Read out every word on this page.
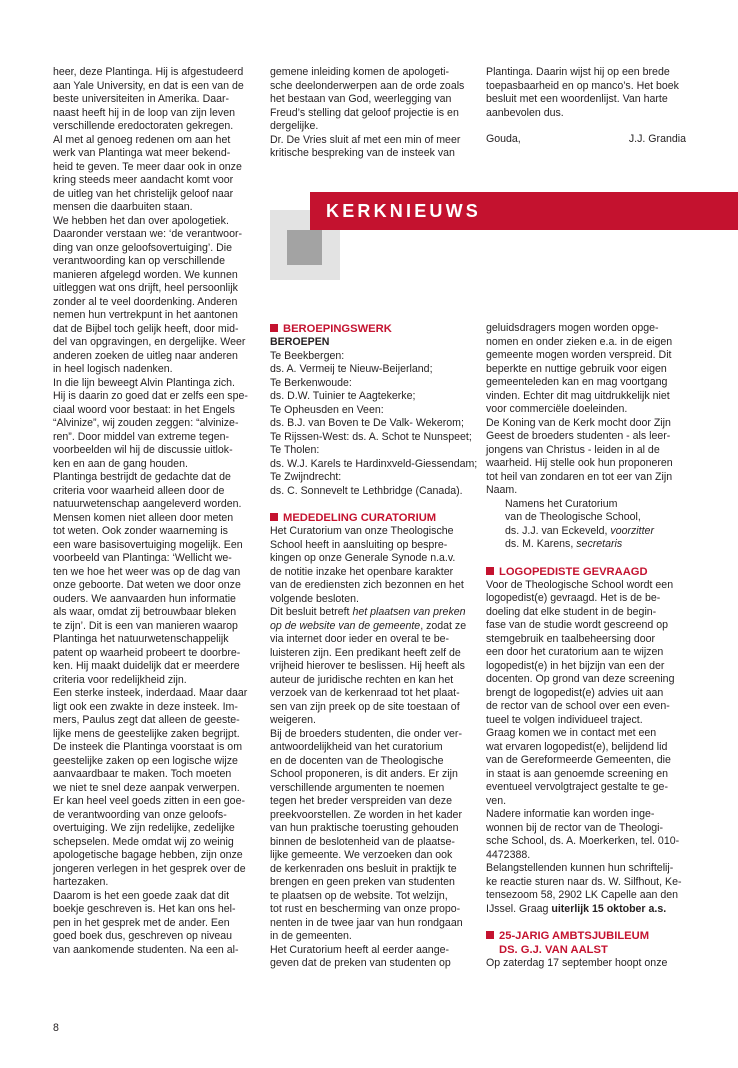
heer, deze Plantinga. Hij is afgestudeerd

aan Yale University, en dat is een van de

beste universiteiten in Amerika. Daar-

naast heeft hij in de loop van zijn leven

verschillende eredoctoraten gekregen.

Al met al genoeg redenen om aan het

werk van Plantinga wat meer bekend-

heid te geven. Te meer daar ook in onze

kring steeds meer aandacht komt voor

de uitleg van het christelijk geloof naar

mensen die daarbuiten staan.

We hebben het dan over apologetiek.

Daaronder verstaan we: ‘de verantwoor-

ding van onze geloofsovertuiging’. Die

verantwoording kan op verschillende

manieren afgelegd worden. We kunnen

uitleggen wat ons drijft, heel persoonlijk

zonder al te veel doordenking. Anderen

nemen hun vertrekpunt in het aantonen

dat de Bijbel toch gelijk heeft, door mid-

del van opgravingen, en dergelijke. Weer

anderen zoeken de uitleg naar anderen

in heel logisch nadenken.

In die lijn beweegt Alvin Plantinga zich.

Hij is daarin zo goed dat er zelfs een spe-

ciaal woord voor bestaat: in het Engels

“Alvinize”, wij zouden zeggen: “alvinize-

ren”. Door middel van extreme tegen-

voorbeelden wil hij de discussie uitlok-

ken en aan de gang houden.

Plantinga bestrijdt de gedachte dat de

criteria voor waarheid alleen door de

natuurwetenschap aangeleverd worden.

Mensen komen niet alleen door meten

tot weten. Ook zonder waarneming is

een ware basisovertuiging mogelijk. Een

voorbeeld van Plantinga: ‘Wellicht we-

ten we hoe het weer was op de dag van

onze geboorte. Dat weten we door onze

ouders. We aanvaarden hun informatie

als waar, omdat zij betrouwbaar bleken

te zijn’. Dit is een van manieren waarop

Plantinga het natuurwetenschappelijk

patent op waarheid probeert te doorbre-

ken. Hij maakt duidelijk dat er meerdere

criteria voor redelijkheid zijn.

Een sterke insteek, inderdaad. Maar daar

ligt ook een zwakte in deze insteek. Im-

mers, Paulus zegt dat alleen de geeste-

lijke mens de geestelijke zaken begrijpt.

De insteek die Plantinga voorstaat is om

geestelijke zaken op een logische wijze

aanvaardbaar te maken. Toch moeten

we niet te snel deze aanpak verwerpen.

Er kan heel veel goeds zitten in een goe-

de verantwoording van onze geloofs-

overtuiging. We zijn redelijke, zedelijke

schepselen. Mede omdat wij zo weinig

apologetische bagage hebben, zijn onze

jongeren verlegen in het gesprek over de

hartezaken.

Daarom is het een goede zaak dat dit

boekje geschreven is. Het kan ons hel-

pen in het gesprek met de ander. Een

goed boek dus, geschreven op niveau

van aankomende studenten. Na een al-

gemene inleiding komen de apologeti-

sche deelonderwerpen aan de orde zoals

het bestaan van God, weerlegging van

Freud’s stelling dat geloof projectie is en

dergelijke.

Dr. De Vries sluit af met een min of meer

kritische bespreking van de insteek van

Plantinga. Daarin wijst hij op een brede

toepasbaarheid en op manco’s. Het boek

besluit met een woordenlijst. Van harte

aanbevolen dus.

Gouda,	J.J. Grandia
KERKNIEUWS
BEROEPINGSWERK

BEROEPEN

Te Beekbergen:

ds. A. Vermeij te Nieuw-Beijerland;

Te Berkenwoude:

ds. D.W. Tuinier te Aagtekerke;

Te Opheusden en Veen:

ds. B.J. van Boven te De Valk- Wekerom;

Te Rijssen-West: ds. A. Schot te Nunspeet;

Te Tholen:

ds. W.J. Karels te Hardinxveld-Giessendam;

Te Zwijndrecht:

ds. C. Sonnevelt te Lethbridge (Canada).

MEDEDELING CURATORIUM

Het Curatorium van onze Theologische

School heeft in aansluiting op bespre-

kingen op onze Generale Synode n.a.v.

de notitie inzake het openbare karakter

van de erediensten zich bezonnen en het

volgende besloten.

Dit besluit betreft het plaatsen van preken

op de website van de gemeente, zodat ze

via internet door ieder en overal te be-

luisteren zijn. Een predikant heeft zelf de

vrijheid hierover te beslissen. Hij heeft als

auteur de juridische rechten en kan het

verzoek van de kerkenraad tot het plaat-

sen van zijn preek op de site toestaan of

weigeren.

Bij de broeders studenten, die onder ver-

antwoordelijkheid van het curatorium

en de docenten van de Theologische

School proponeren, is dit anders. Er zijn

verschillende argumenten te noemen

tegen het breder verspreiden van deze

preekvoorstellen. Ze worden in het kader

van hun praktische toerusting gehouden

binnen de beslotenheid van de plaatse-

lijke gemeente. We verzoeken dan ook

de kerkenraden ons besluit in praktijk te

brengen en geen preken van studenten

te plaatsen op de website. Tot welzijn,

tot rust en bescherming van onze propo-

nenten in de twee jaar van hun rondgaan

in de gemeenten.

Het Curatorium heeft al eerder aange-

geven dat de preken van studenten op

geluidsdragers mogen worden opge-

nomen en onder zieken e.a. in de eigen

gemeente mogen worden verspreid. Dit

beperkte en nuttige gebruik voor eigen

gemeenteleden kan en mag voortgang

vinden. Echter dit mag uitdrukkelijk niet

voor commerciële doeleinden.

De Koning van de Kerk mocht door Zijn

Geest de broeders studenten - als leer-

jongens van Christus - leiden in al de

waarheid. Hij stelle ook hun proponeren

tot heil van zondaren en tot eer van Zijn

Naam.

Namens het Curatorium

van de Theologische School,

ds. J.J. van Eckeveld, voorzitter

ds. M. Karens, secretaris

LOGOPEDISTE GEVRAAGD

Voor de Theologische School wordt een

logopedist(e) gevraagd. Het is de be-

doeling dat elke student in de begin-

fase van de studie wordt gescreend op

stemgebruik en taalbeheersing door

een door het curatorium aan te wijzen

logopedist(e) in het bijzijn van een der

docenten. Op grond van deze screening

brengt de logopedist(e) advies uit aan

de rector van de school over een even-

tueel te volgen individueel traject.

Graag komen we in contact met een

wat ervaren logopedist(e), belijdend lid

van de Gereformeerde Gemeenten, die

in staat is aan genoemde screening en

eventueel vervolgtraject gestalte te ge-

ven.

Nadere informatie kan worden inge-

wonnen bij de rector van de Theologi-

sche School, ds. A. Moerkerken, tel. 010-

4472388.

Belangstellenden kunnen hun schriftelij-

ke reactie sturen naar ds. W. Silfhout, Ke-

tensezoom 58, 2902 LK Capelle aan den

IJssel. Graag uiterlijk 15 oktober a.s.

25-JARIG AMBTSJUBILEUM
DS. G.J. VAN AALST

Op zaterdag 17 september hoopt onze

8
